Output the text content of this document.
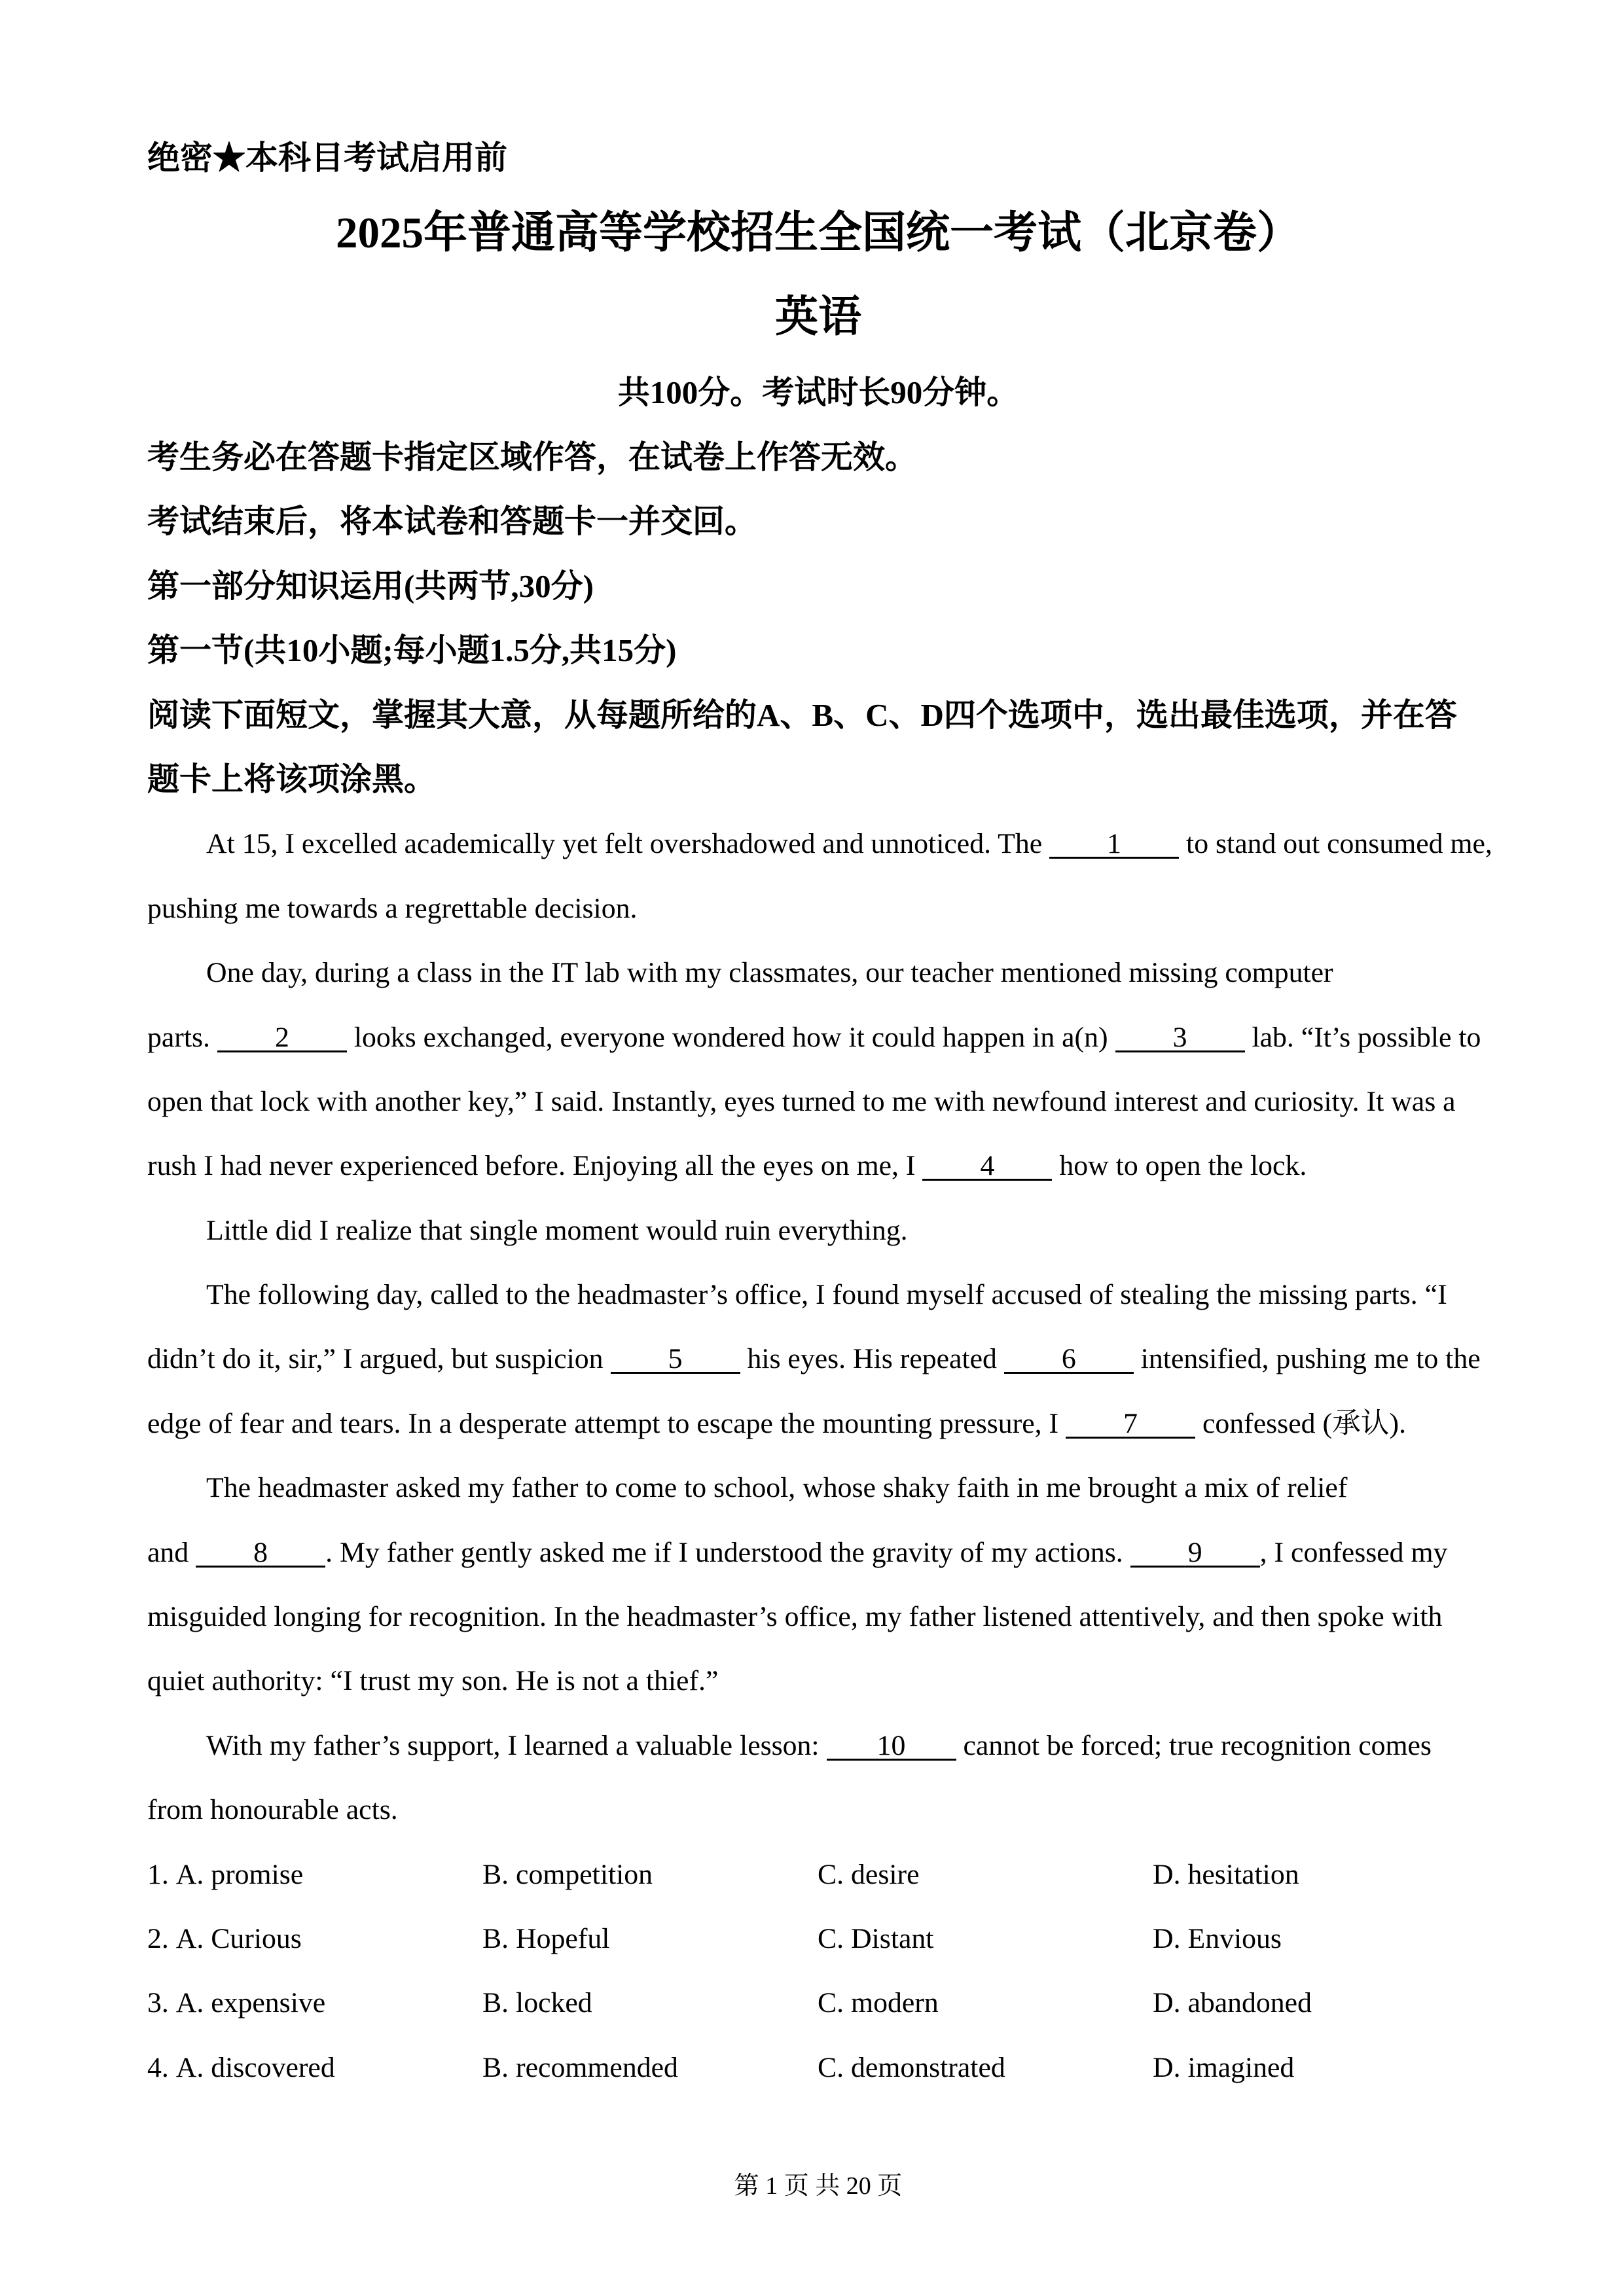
绝密★本科目考试启用前
2025年普通高等学校招生全国统一考试（北京卷）
英语
共100分。考试时长90分钟。
考生务必在答题卡指定区域作答，在试卷上作答无效。
考试结束后，将本试卷和答题卡一并交回。
第一部分知识运用(共两节,30分)
第一节(共10小题;每小题1.5分,共15分)
阅读下面短文，掌握其大意，从每题所给的A、B、C、D四个选项中，选出最佳选项，并在答
题卡上将该项涂黑。
At 15, I excelled academically yet felt overshadowed and unnoticed. The 1 to stand out consumed me,
pushing me towards a regrettable decision.
One day, during a class in the IT lab with my classmates, our teacher mentioned missing computer
parts. 2 looks exchanged, everyone wondered how it could happen in a(n) 3 lab. “It’s possible to
open that lock with another key,” I said. Instantly, eyes turned to me with newfound interest and curiosity. It was a
rush I had never experienced before. Enjoying all the eyes on me, I 4 how to open the lock.
Little did I realize that single moment would ruin everything.
The following day, called to the headmaster’s office, I found myself accused of stealing the missing parts. “I
didn’t do it, sir,” I argued, but suspicion 5 his eyes. His repeated 6 intensified, pushing me to the
edge of fear and tears. In a desperate attempt to escape the mounting pressure, I 7 confessed (承认).
The headmaster asked my father to come to school, whose shaky faith in me brought a mix of relief
and 8 . My father gently asked me if I understood the gravity of my actions. 9 , I confessed my
misguided longing for recognition. In the headmaster’s office, my father listened attentively, and then spoke with
quiet authority: “I trust my son. He is not a thief.”
With my father’s support, I learned a valuable lesson: 10 cannot be forced; true recognition comes
from honourable acts.
1. A. promise	B. competition	C. desire	D. hesitation
2. A. Curious	B. Hopeful	C. Distant	D. Envious
3. A. expensive	B. locked	C. modern	D. abandoned
4. A. discovered	B. recommended	C. demonstrated	D. imagined
第 1 页 共 20 页
